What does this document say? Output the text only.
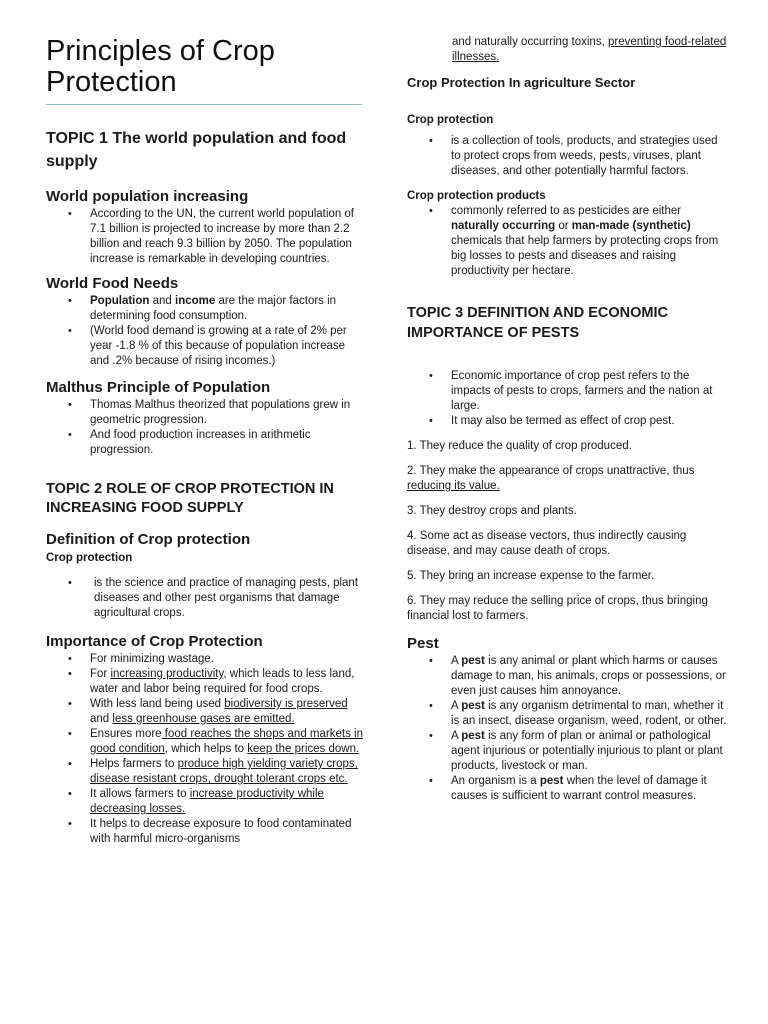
Principles of Crop
Protection
TOPIC 1 The world population and food supply
World population increasing
• According to the UN, the current world population of 7.1 billion is projected to increase by more than 2.2 billion and reach 9.3 billion by 2050. The population increase is remarkable in developing countries.
World Food Needs
• Population and income are the major factors in determining food consumption.
• (World food demand is growing at a rate of 2% per year -1.8 % of this because of population increase and .2% because of rising incomes.)
Malthus Principle of Population
• Thomas Malthus theorized that populations grew in geometric progression.
• And food production increases in arithmetic progression.
TOPIC 2 ROLE OF CROP PROTECTION IN INCREASING FOOD SUPPLY
Definition of Crop protection
Crop protection
• is the science and practice of managing pests, plant diseases and other pest organisms that damage agricultural crops.
Importance of Crop Protection
• For minimizing wastage.
• For increasing productivity, which leads to less land, water and labor being required for food crops.
• With less land being used biodiversity is preserved and less greenhouse gases are emitted.
• Ensures more food reaches the shops and markets in good condition, which helps to keep the prices down.
• Helps farmers to produce high yielding variety crops, disease resistant crops, drought tolerant crops etc.
• It allows farmers to increase productivity while decreasing losses.
• It helps to decrease exposure to food contaminated with harmful micro-organisms

and naturally occurring toxins, preventing food-related illnesses.

Crop Protection In agriculture Sector
Crop protection
• is a collection of tools, products, and strategies used to protect crops from weeds, pests, viruses, plant diseases, and other potentially harmful factors.
Crop protection products
• commonly referred to as pesticides are either naturally occurring or man-made (synthetic) chemicals that help farmers by protecting crops from big losses to pests and diseases and raising productivity per hectare.
TOPIC 3 DEFINITION AND ECONOMIC IMPORTANCE OF PESTS
• Economic importance of crop pest refers to the impacts of pests to crops, farmers and the nation at large.
• It may also be termed as effect of crop pest.

1. They reduce the quality of crop produced.

2. They make the appearance of crops unattractive, thus reducing its value.

3. They destroy crops and plants.

4. Some act as disease vectors, thus indirectly causing disease, and may cause death of crops.

5. They bring an increase expense to the farmer.

6. They may reduce the selling price of crops, thus bringing financial lost to farmers.

Pest
• A pest is any animal or plant which harms or causes damage to man, his animals, crops or possessions, or even just causes him annoyance.
• A pest is any organism detrimental to man, whether it is an insect, disease organism, weed, rodent, or other.
• A pest is any form of plan or animal or pathological agent injurious or potentially injurious to plant or plant products, livestock or man.
• An organism is a pest when the level of damage it causes is sufficient to warrant control measures.
